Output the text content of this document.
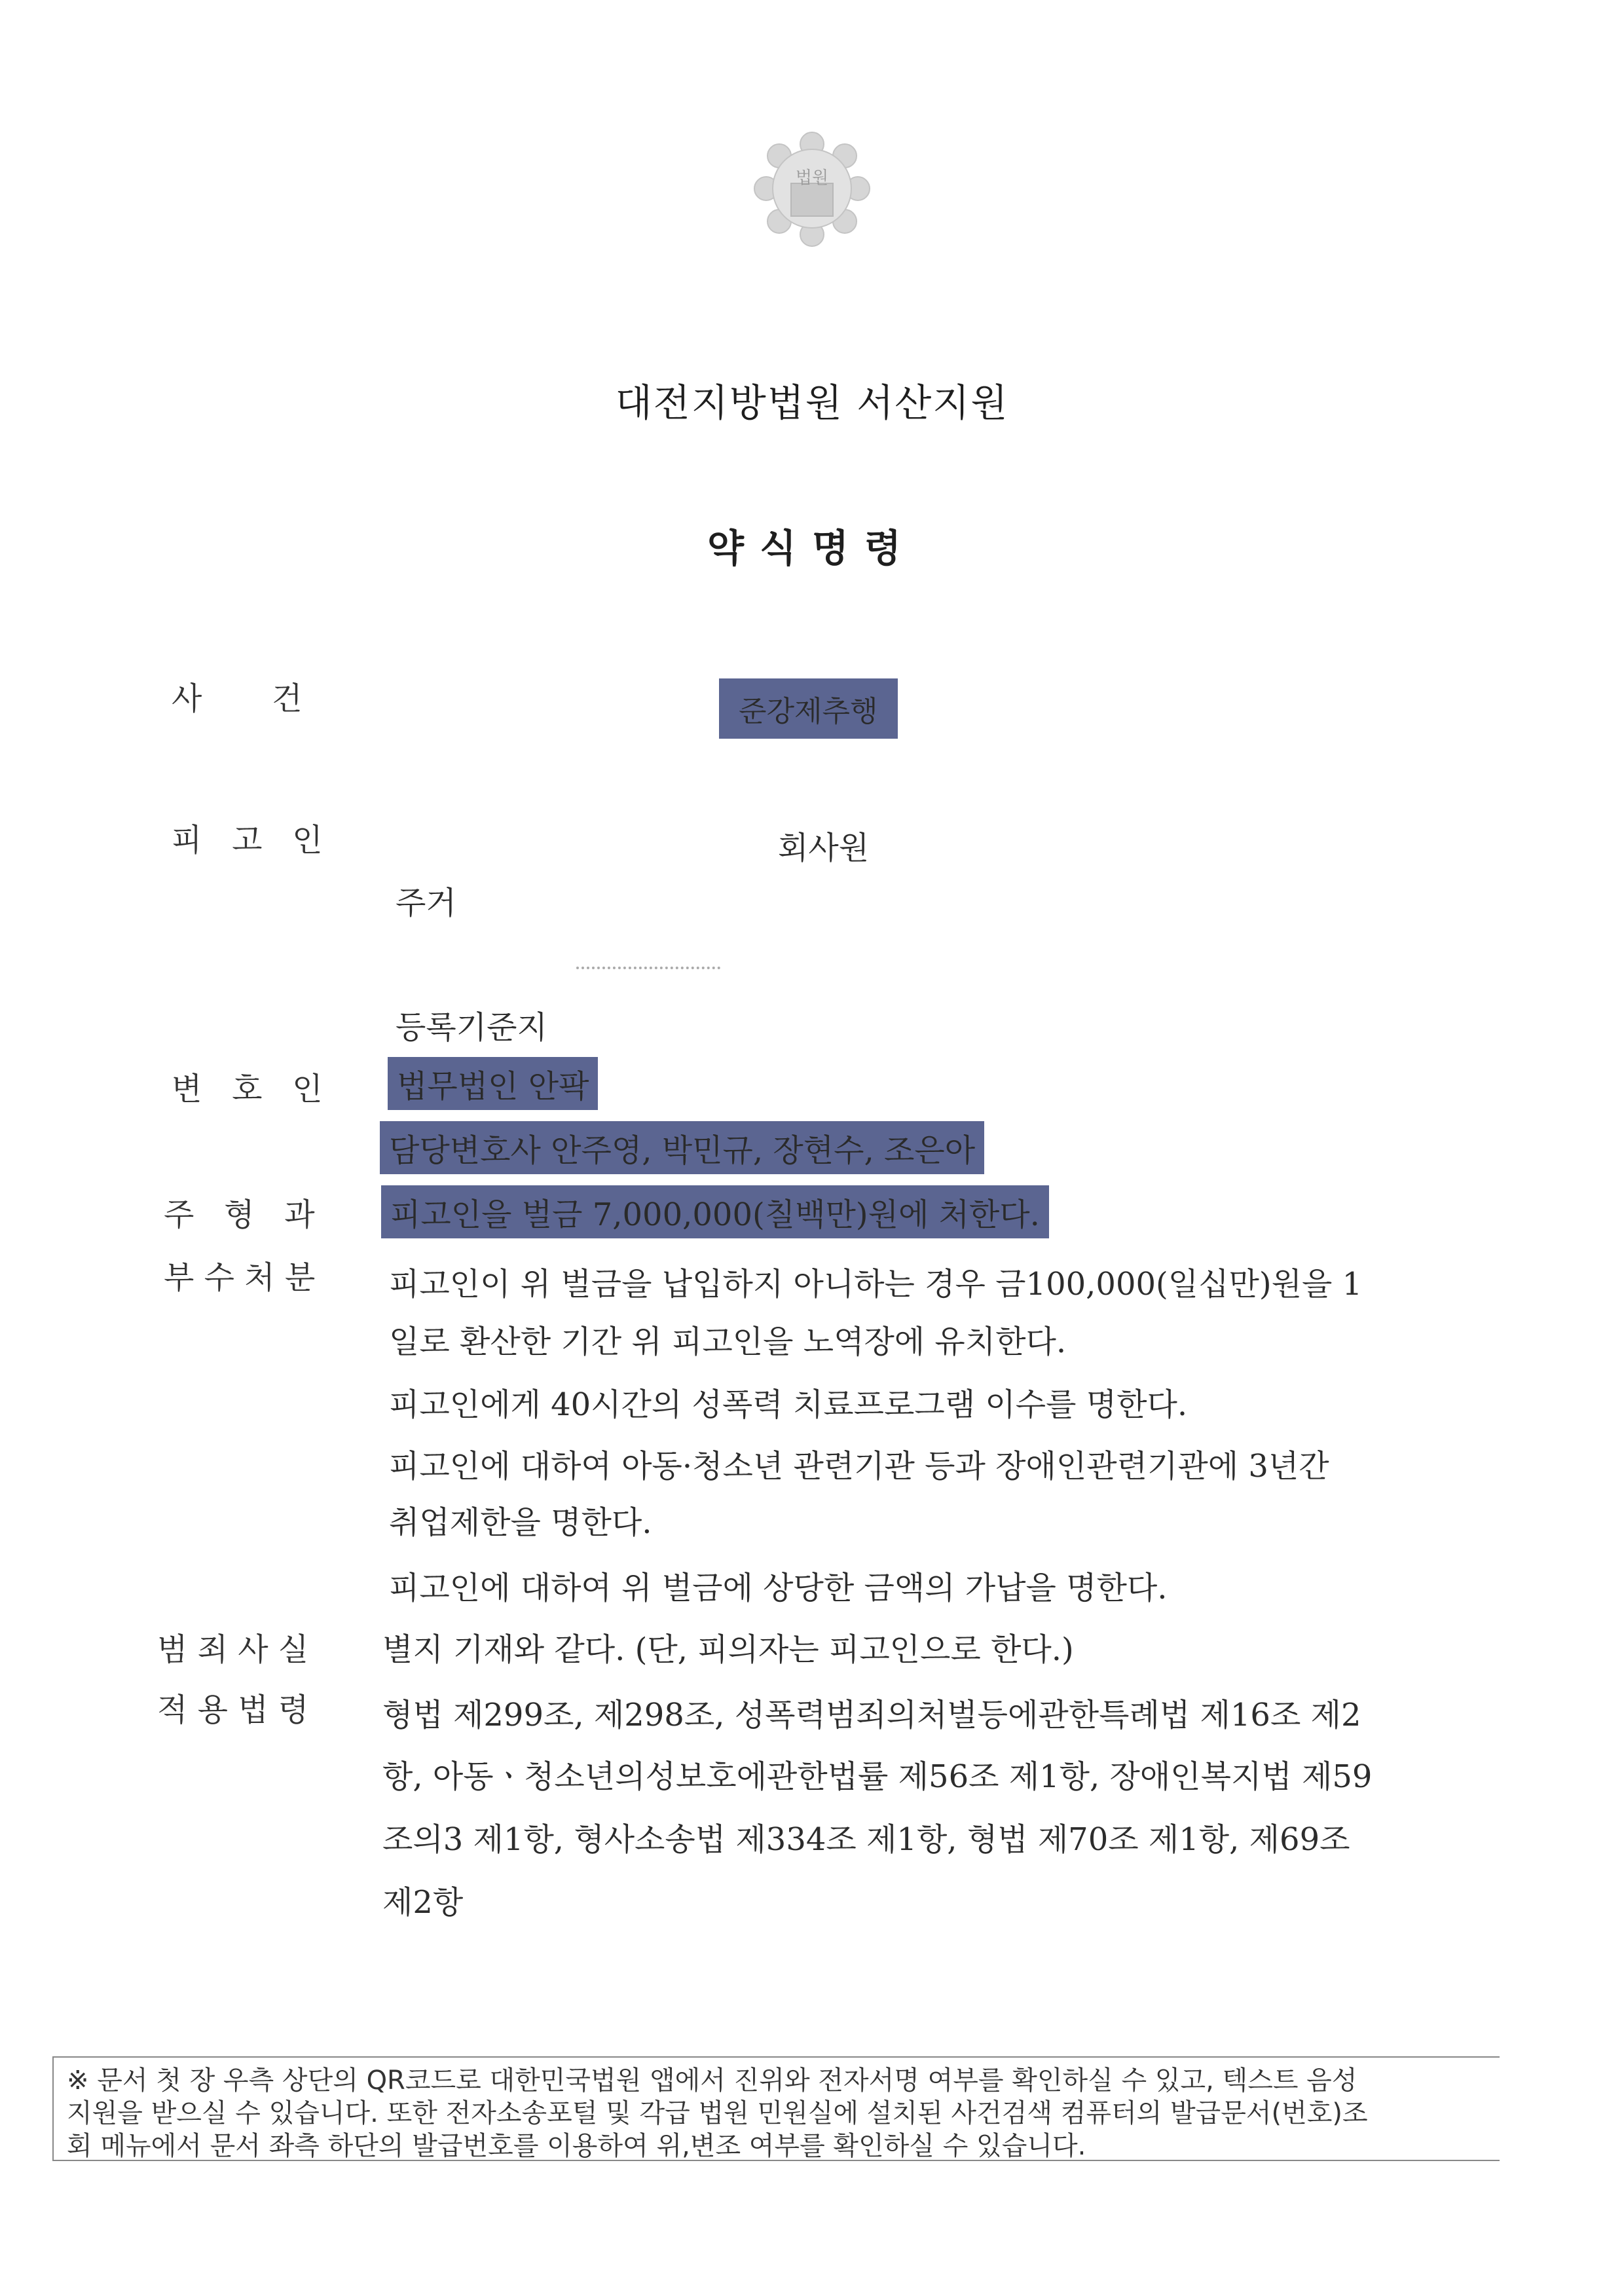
법원
대전지방법원 서산지원
약식명령
사       건	준강제추행
피   고   인	회사원
주거
등록기준지
변   호   인 법무법인 안팍
담당변호사 안주영, 박민규, 장현수, 조은아
주   형   과 피고인을 벌금 7,000,000(칠백만)원에 처한다.
부 수 처 분 피고인이 위 벌금을 납입하지 아니하는 경우 금100,000(일십만)원을 1
일로 환산한 기간 위 피고인을 노역장에 유치한다.
피고인에게 40시간의 성폭력 치료프로그램 이수를 명한다.
피고인에 대하여 아동·청소년 관련기관 등과 장애인관련기관에 3년간
취업제한을 명한다.
피고인에 대하여 위 벌금에 상당한 금액의 가납을 명한다.
범 죄 사 실 별지 기재와 같다. (단, 피의자는 피고인으로 한다.)
적 용 법 령 형법 제299조, 제298조, 성폭력범죄의처벌등에관한특례법 제16조 제2
항, 아동ㆍ청소년의성보호에관한법률 제56조 제1항, 장애인복지법 제59
조의3 제1항, 형사소송법 제334조 제1항, 형법 제70조 제1항, 제69조
제2항
※ 문서 첫 장 우측 상단의 QR코드로 대한민국법원 앱에서 진위와 전자서명 여부를 확인하실 수 있고, 텍스트 음성
지원을 받으실 수 있습니다. 또한 전자소송포털 및 각급 법원 민원실에 설치된 사건검색 컴퓨터의 발급문서(번호)조
회 메뉴에서 문서 좌측 하단의 발급번호를 이용하여 위,변조 여부를 확인하실 수 있습니다.
